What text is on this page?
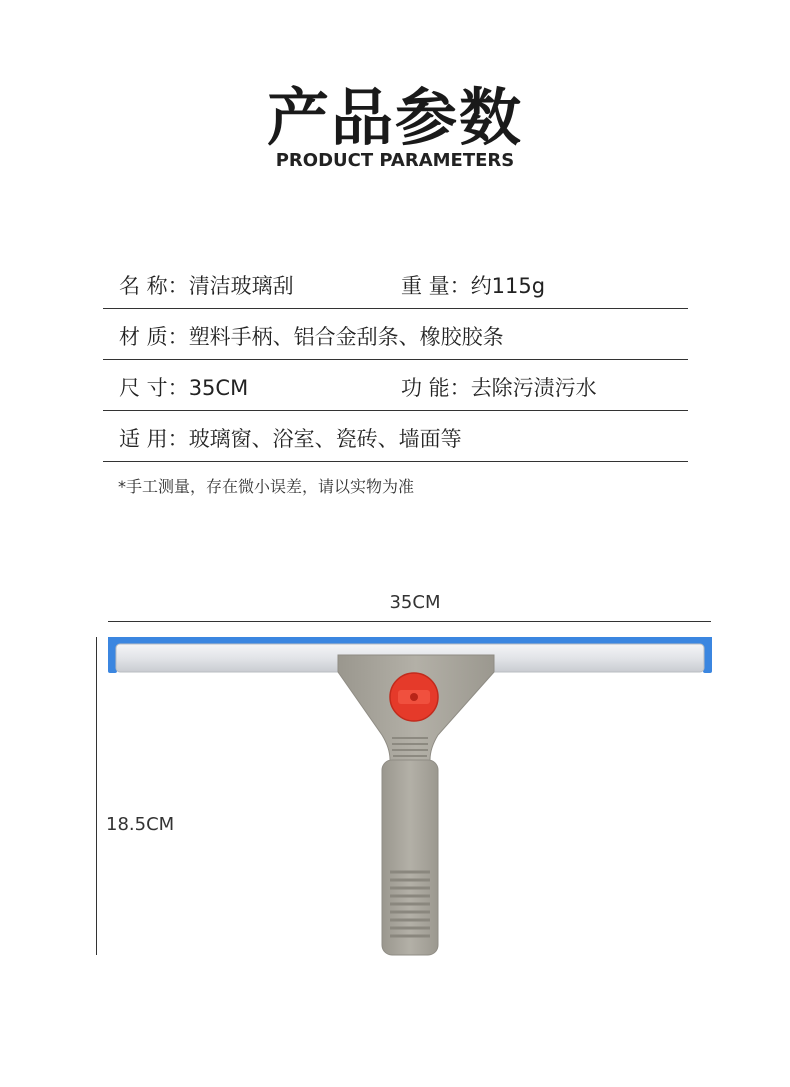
产品参数
PRODUCT PARAMETERS
名 称：清洁玻璃刮	重 量：约115g
材 质：塑料手柄、铝合金刮条、橡胶胶条
尺 寸：35CM	功 能：去除污渍污水
适 用：玻璃窗、浴室、瓷砖、墙面等
*手工测量，存在微小误差，请以实物为准
35CM
18.5CM
